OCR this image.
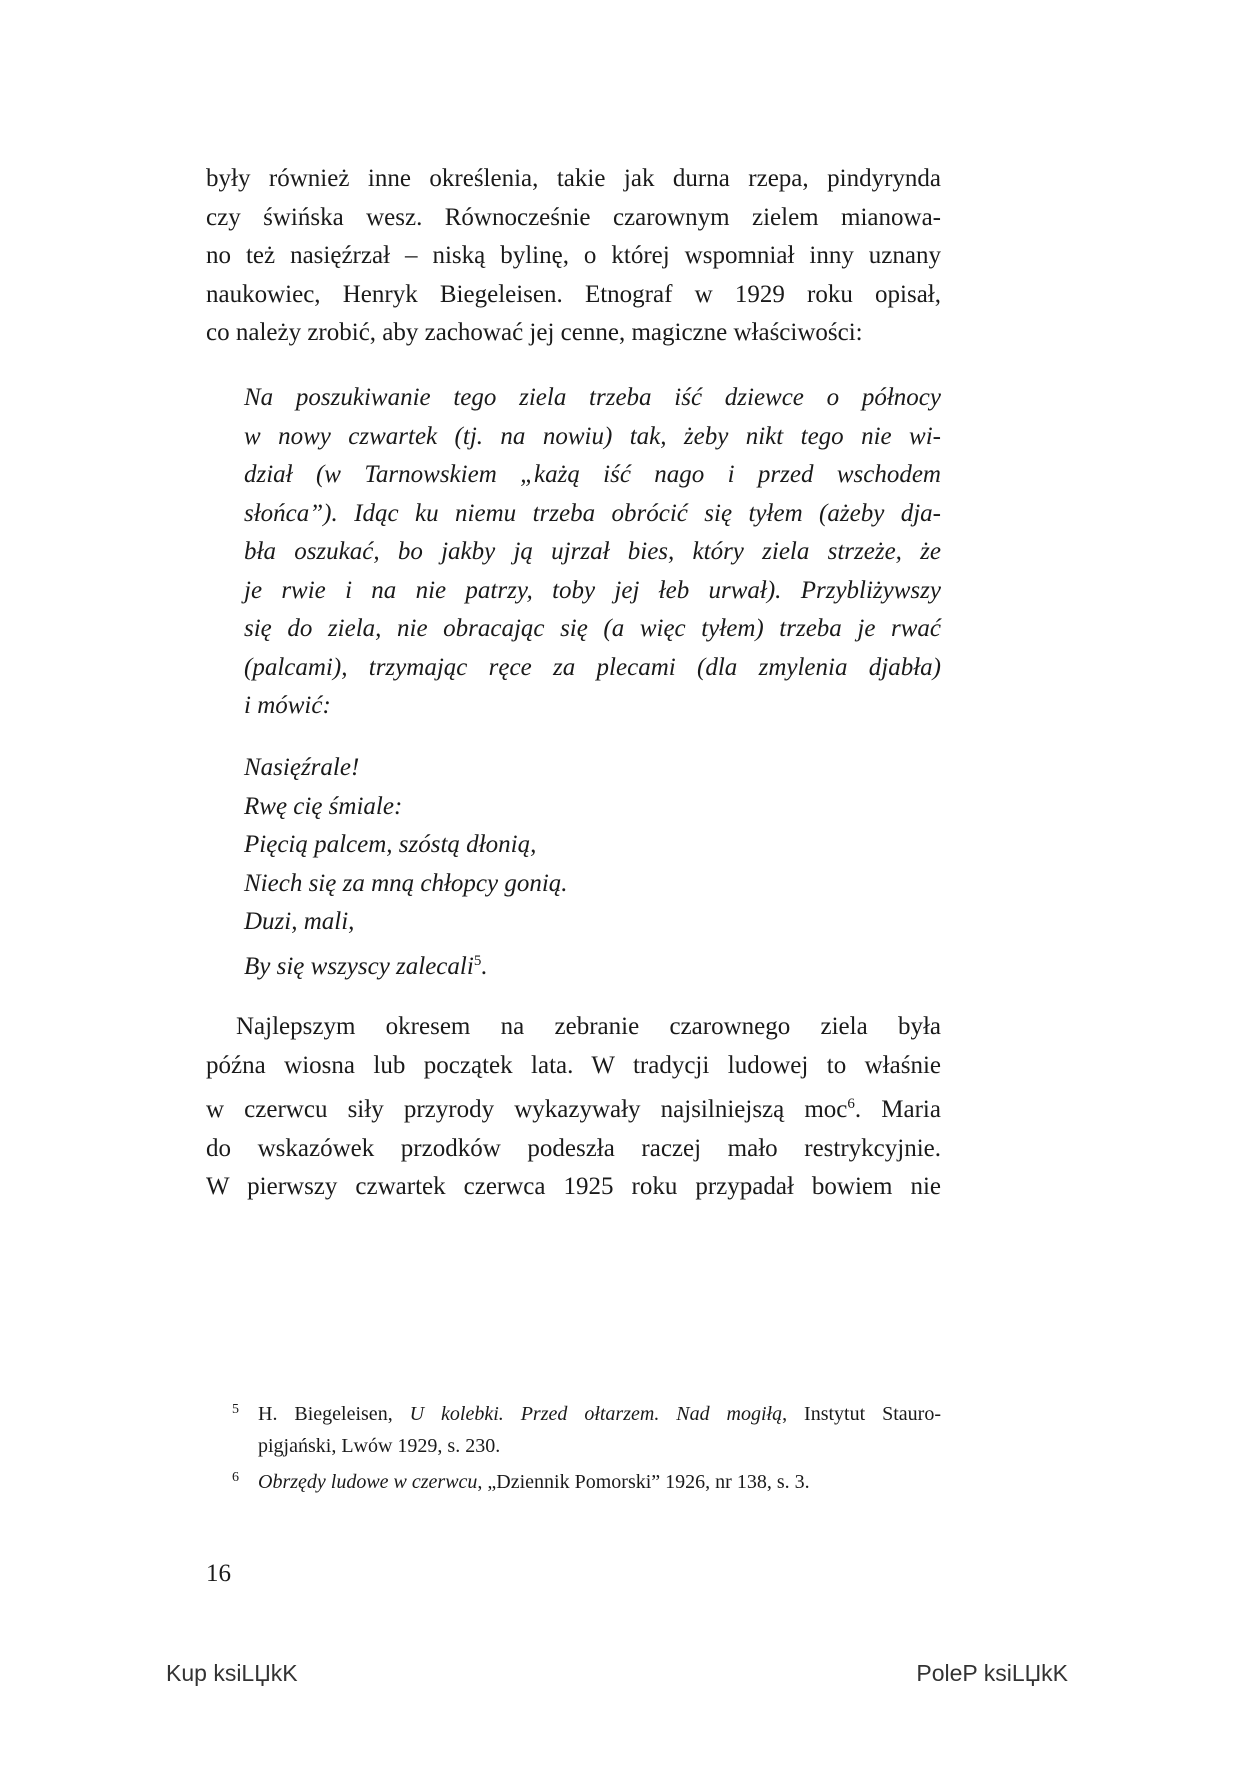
były również inne określenia, takie jak durna rzepa, pindyrynda
czy świńska wesz. Równocześnie czarownym zielem mianowa-
no też nasięźrzał – niską bylinę, o której wspomniał inny uznany
naukowiec, Henryk Biegeleisen. Etnograf w 1929 roku opisał,
co należy zrobić, aby zachować jej cenne, magiczne właściwości:
Na poszukiwanie tego ziela trzeba iść dziewce o północy
w nowy czwartek (tj. na nowiu) tak, żeby nikt tego nie wi-
dział (w Tarnowskiem „każą iść nago i przed wschodem
słońca”). Idąc ku niemu trzeba obrócić się tyłem (ażeby dja-
bła oszukać, bo jakby ją ujrzał bies, który ziela strzeże, że
je rwie i na nie patrzy, toby jej łeb urwał). Przybliżywszy
się do ziela, nie obracając się (a więc tyłem) trzeba je rwać
(palcami), trzymając ręce za plecami (dla zmylenia djabła)
i mówić:
Nasięźrale!
Rwę cię śmiale:
Pięcią palcem, szóstą dłonią,
Niech się za mną chłopcy gonią.
Duzi, mali,
By się wszyscy zalecali$^5$.
Najlepszym okresem na zebranie czarownego ziela była
późna wiosna lub początek lata. W tradycji ludowej to właśnie
w czerwcu siły przyrody wykazywały najsilniejszą moc$^6$. Maria
do wskazówek przodków podeszła raczej mało restrykcyjnie.
W pierwszy czwartek czerwca 1925 roku przypadał bowiem nie
5 H. Biegeleisen, U kolebki. Przed ołtarzem. Nad mogiłą, Instytut Stauro-
pigjański, Lwów 1929, s. 230.
6 Obrzędy ludowe w czerwcu, „Dziennik Pomorski” 1926, nr 138, s. 3.
16
Kup ksiLЏkK	PoleP ksiLЏkK
